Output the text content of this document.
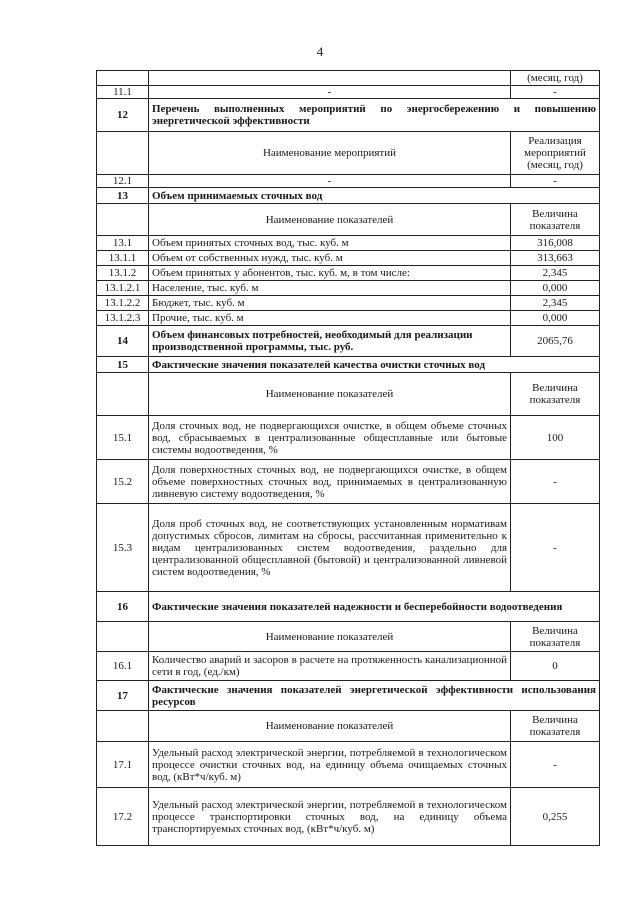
4
		(месяц, год)
11.1	-	-
12	Перечень выполненных мероприятий по энергосбережению и повышению энергетической эффективности	
	Наименование мероприятий	Реализация мероприятий (месяц, год)
12.1	-	-
13	Объем принимаемых сточных вод	
	Наименование показателей	Величина показателя
13.1	Объем принятых сточных вод, тыс. куб. м	316,008
13.1.1	Объем от собственных нужд, тыс. куб. м	313,663
13.1.2	Объем принятых у абонентов, тыс. куб. м, в том числе:	2,345
13.1.2.1	Население, тыс. куб. м	0,000
13.1.2.2	Бюджет, тыс. куб. м	2,345
13.1.2.3	Прочие, тыс. куб. м	0,000
14	Объем финансовых потребностей, необходимый для реализации производственной программы, тыс. руб.	2065,76
15	Фактические значения показателей качества очистки сточных вод	
	Наименование показателей	Величина показателя
15.1	Доля сточных вод, не подвергающихся очистке, в общем объеме сточных вод, сбрасываемых в централизованные общесплавные или бытовые системы водоотведения, %	100
15.2	Доля поверхностных сточных вод, не подвергающихся очистке, в общем объеме поверхностных сточных вод, принимаемых в централизованную ливневую систему водоотведения, %	-
15.3	Доля проб сточных вод, не соответствующих установленным нормативам допустимых сбросов, лимитам на сбросы, рассчитанная применительно к видам централизованных систем водоотведения, раздельно для централизованной общесплавной (бытовой) и централизованной ливневой систем водоотведения, %	-
16	Фактические значения показателей надежности и бесперебойности водоотведения	
	Наименование показателей	Величина показателя
16.1	Количество аварий и засоров в расчете на протяженность канализационной сети в год, (ед./км)	0
17	Фактические значения показателей энергетической эффективности использования ресурсов	
	Наименование показателей	Величина показателя
17.1	Удельный расход электрической энергии, потребляемой в технологическом процессе очистки сточных вод, на единицу объема очищаемых сточных вод, (кВт*ч/куб. м)	-
17.2	Удельный расход электрической энергии, потребляемой в технологическом процессе транспортировки сточных вод, на единицу объема транспортируемых сточных вод, (кВт*ч/куб. м)	0,255
